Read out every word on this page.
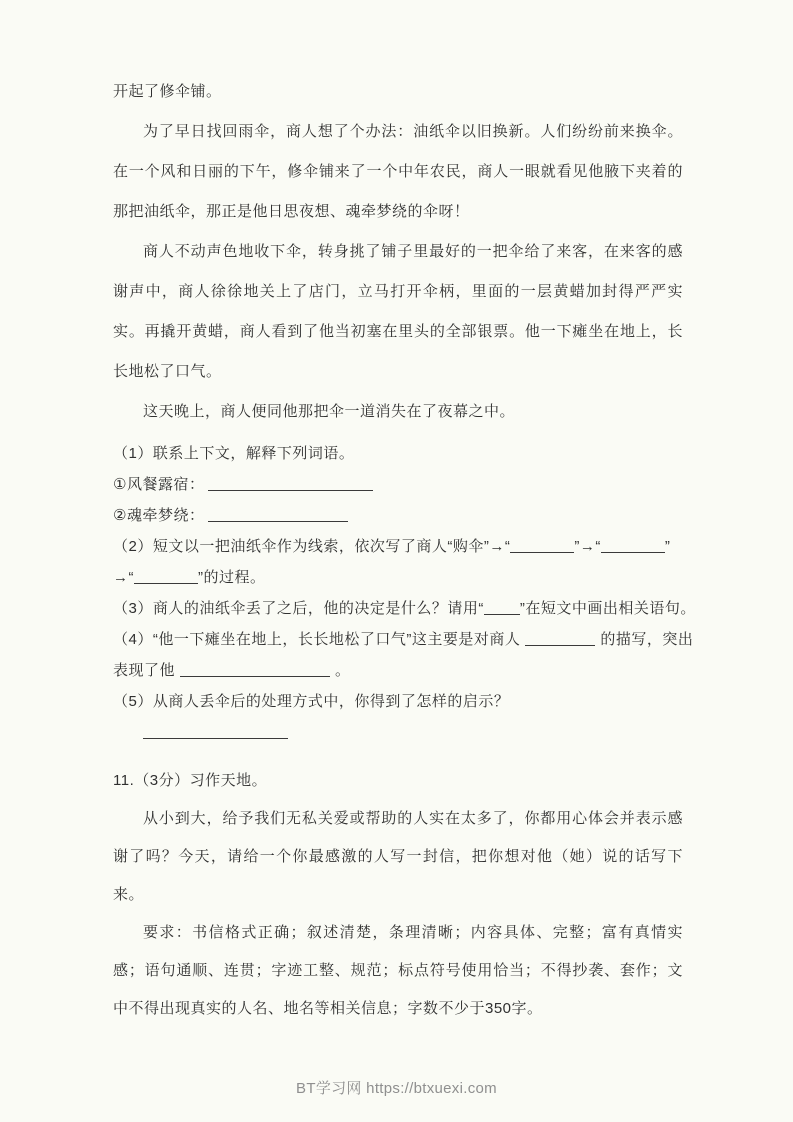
开起了修伞铺。

为了早日找回雨伞，商人想了个办法：油纸伞以旧换新。人们纷纷前来换伞。在一个风和日丽的下午，修伞铺来了一个中年农民，商人一眼就看见他腋下夹着的那把油纸伞，那正是他日思夜想、魂牵梦绕的伞呀！

商人不动声色地收下伞，转身挑了铺子里最好的一把伞给了来客，在来客的感谢声中，商人徐徐地关上了店门，立马打开伞柄，里面的一层黄蜡加封得严严实实。再撬开黄蜡，商人看到了他当初塞在里头的全部银票。他一下瘫坐在地上，长长地松了口气。

这天晚上，商人便同他那把伞一道消失在了夜幕之中。

（1）联系上下文，解释下列词语。

①风餐露宿：

②魂牵梦绕：

（2）短文以一把油纸伞作为线索，依次写了商人“购伞”→“	”→“	”

→“	”的过程。

（3）商人的油纸伞丢了之后，他的决定是什么？请用“ ”在短文中画出相关语句。

（4）“他一下瘫坐在地上，长长地松了口气”这主要是对商人	的描写，突出

表现了他	。

（5）从商人丢伞后的处理方式中，你得到了怎样的启示？

11.（3分）习作天地。

从小到大，给予我们无私关爱或帮助的人实在太多了，你都用心体会并表示感谢了吗？今天，请给一个你最感激的人写一封信，把你想对他（她）说的话写下来。

要求：书信格式正确；叙述清楚，条理清晰；内容具体、完整；富有真情实感；语句通顺、连贯；字迹工整、规范；标点符号使用恰当；不得抄袭、套作；文中不得出现真实的人名、地名等相关信息；字数不少于350字。

BT学习网 https://btxuexi.com
